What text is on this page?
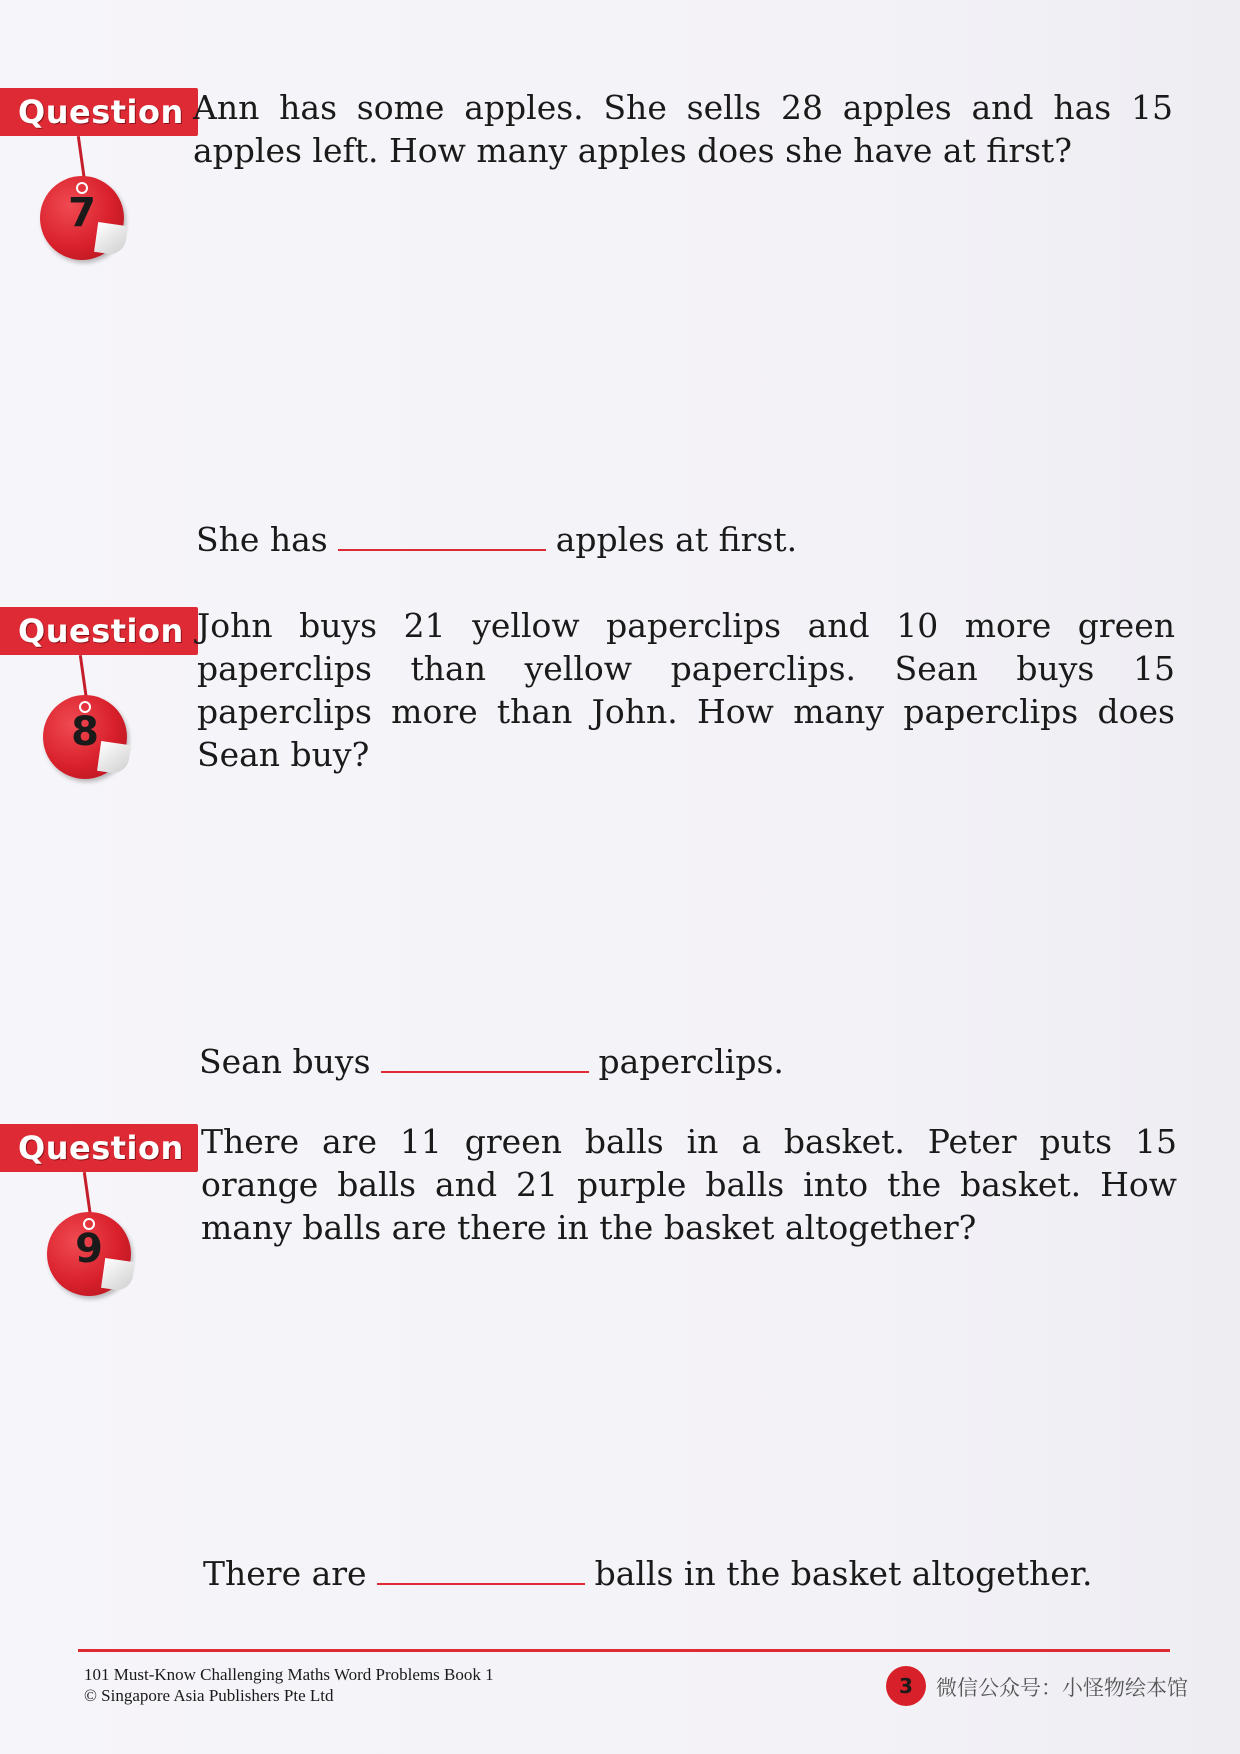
Question
7
Ann has some apples. She sells 28 apples and has 15 apples left. How many apples does she have at first?
She has	apples at first.
Question
8
John buys 21 yellow paperclips and 10 more green paperclips than yellow paperclips. Sean buys 15 paperclips more than John. How many paperclips does Sean buy?
Sean buys	paperclips.
Question
9
There are 11 green balls in a basket. Peter puts 15 orange balls and 21 purple balls into the basket. How many balls are there in the basket altogether?
There are	balls in the basket altogether.
101 Must-Know Challenging Maths Word Problems Book 1
© Singapore Asia Publishers Pte Ltd	3	微信公众号：小怪物绘本馆
